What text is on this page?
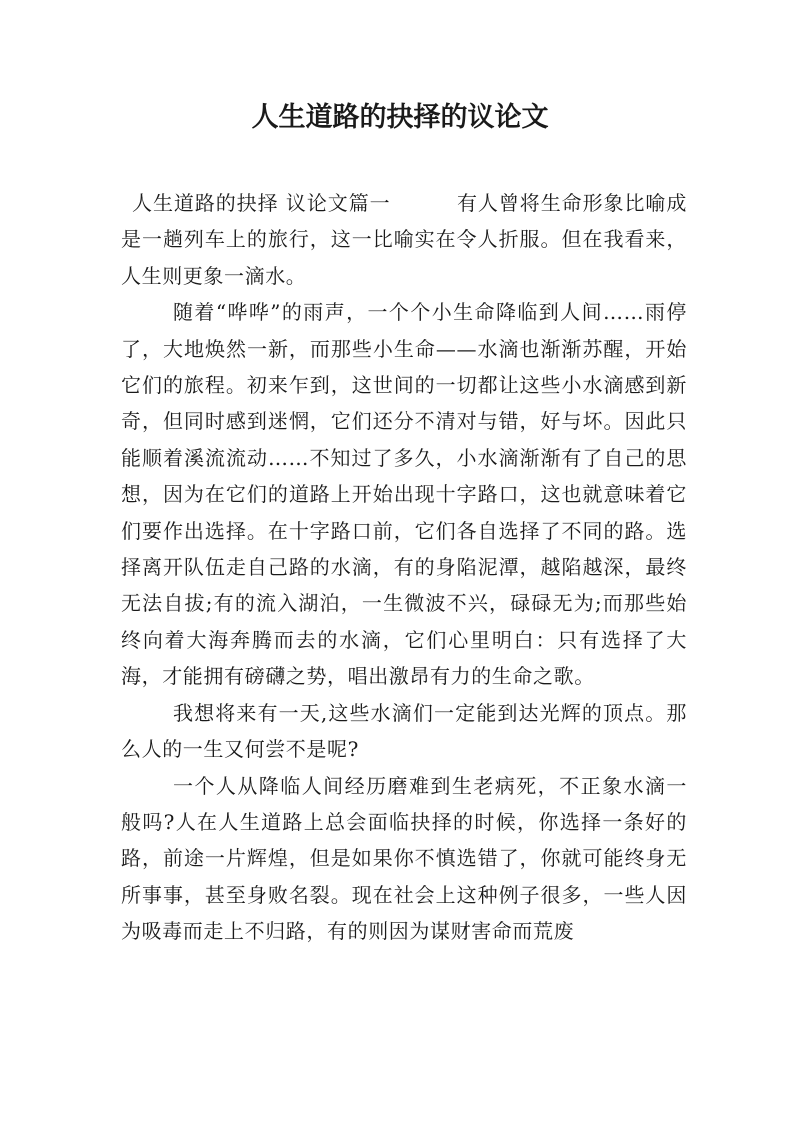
人生道路的抉择的议论文

人生道路的抉择 议论文篇一	有人曾将生命形象比喻成是一趟列车上的旅行，这一比喻实在令人折服。但在我看来，人生则更象一滴水。

随着“哗哗”的雨声，一个个小生命降临到人间……雨停了，大地焕然一新，而那些小生命——水滴也渐渐苏醒，开始它们的旅程。初来乍到，这世间的一切都让这些小水滴感到新奇，但同时感到迷惘，它们还分不清对与错，好与坏。因此只能顺着溪流流动……不知过了多久，小水滴渐渐有了自己的思想，因为在它们的道路上开始出现十字路口，这也就意味着它们要作出选择。在十字路口前，它们各自选择了不同的路。选择离开队伍走自己路的水滴，有的身陷泥潭，越陷越深，最终无法自拔;有的流入湖泊，一生微波不兴，碌碌无为;而那些始终向着大海奔腾而去的水滴，它们心里明白：只有选择了大海，才能拥有磅礴之势，唱出激昂有力的生命之歌。

我想将来有一天,这些水滴们一定能到达光辉的顶点。那么人的一生又何尝不是呢?

一个人从降临人间经历磨难到生老病死，不正象水滴一般吗?人在人生道路上总会面临抉择的时候，你选择一条好的路，前途一片辉煌，但是如果你不慎选错了，你就可能终身无所事事，甚至身败名裂。现在社会上这种例子很多，一些人因为吸毒而走上不归路，有的则因为谋财害命而荒废
